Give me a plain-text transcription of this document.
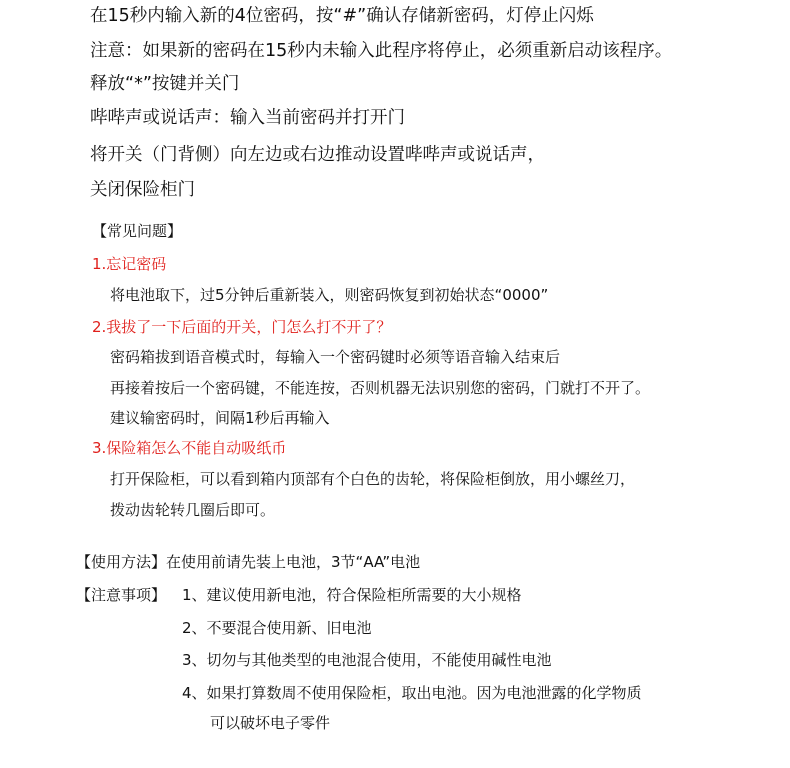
在15秒内输入新的4位密码，按“#”确认存储新密码，灯停止闪烁
注意：如果新的密码在15秒内未输入此程序将停止，必须重新启动该程序。
释放“*”按键并关门
哔哔声或说话声：输入当前密码并打开门
将开关（门背侧）向左边或右边推动设置哔哔声或说话声，
关闭保险柜门
【常见问题】
1.忘记密码
将电池取下，过5分钟后重新装入，则密码恢复到初始状态“0000”
2.我拔了一下后面的开关，门怎么打不开了？
密码箱拔到语音模式时，每输入一个密码键时必须等语音输入结束后
再接着按后一个密码键，不能连按，否则机器无法识别您的密码，门就打不开了。
建议输密码时，间隔1秒后再输入
3.保险箱怎么不能自动吸纸币
打开保险柜，可以看到箱内顶部有个白色的齿轮，将保险柜倒放，用小螺丝刀，
拨动齿轮转几圈后即可。
【使用方法】在使用前请先装上电池，3节“AA”电池
【注意事项】 1、建议使用新电池，符合保险柜所需要的大小规格
2、不要混合使用新、旧电池
3、切勿与其他类型的电池混合使用，不能使用碱性电池
4、如果打算数周不使用保险柜，取出电池。因为电池泄露的化学物质
可以破坏电子零件
